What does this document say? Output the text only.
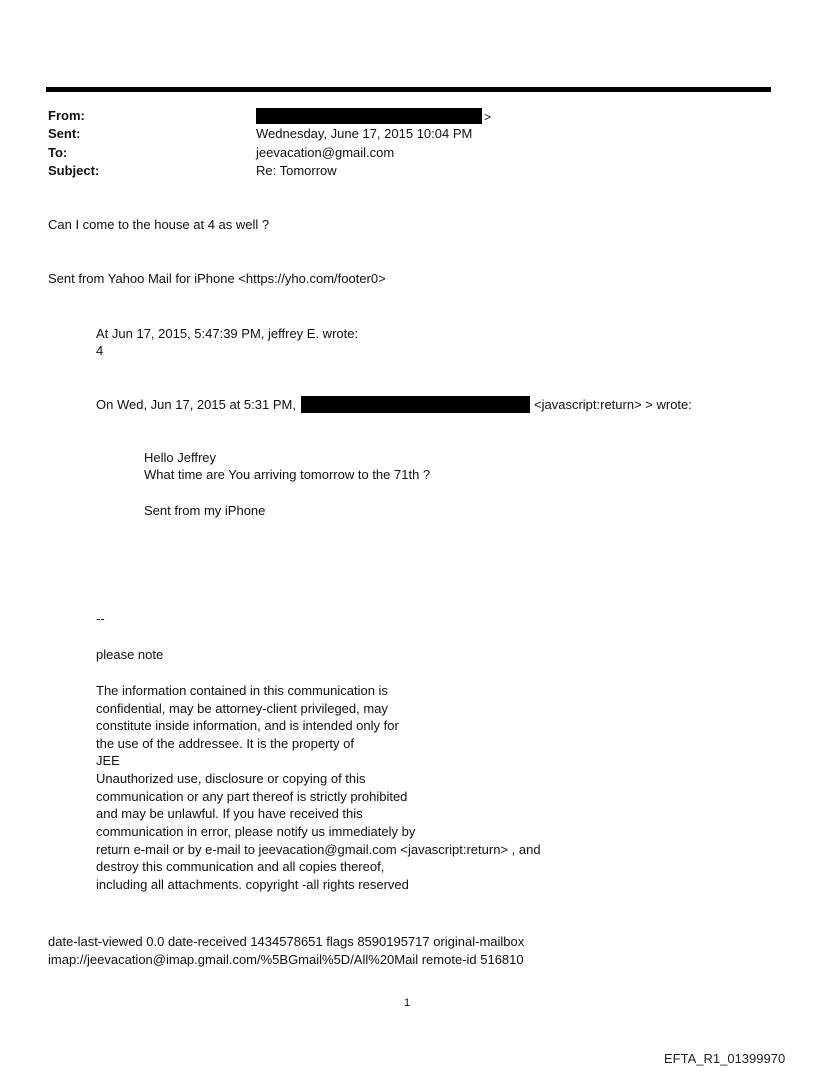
From:	>
Sent:	Wednesday, June 17, 2015 10:04 PM
To:	jeevacation@gmail.com
Subject:	Re: Tomorrow
Can I come to the house at 4 as well ?
Sent from Yahoo Mail for iPhone <https://yho.com/footer0>
At Jun 17, 2015, 5:47:39 PM, jeffrey E. wrote:
4
On Wed, Jun 17, 2015 at 5:31 PM,	<javascript:return> > wrote:
Hello Jeffrey
What time are You arriving tomorrow to the 71th ?
Sent from my iPhone
--
please note
The information contained in this communication is
confidential, may be attorney-client privileged, may
constitute inside information, and is intended only for
the use of the addressee. It is the property of
JEE
Unauthorized use, disclosure or copying of this
communication or any part thereof is strictly prohibited
and may be unlawful. If you have received this
communication in error, please notify us immediately by
return e-mail or by e-mail to jeevacation@gmail.com <javascript:return> , and
destroy this communication and all copies thereof,
including all attachments. copyright -all rights reserved
date-last-viewed 0.0 date-received 1434578651 flags 8590195717 original-mailbox
imap://jeevacation@imap.gmail.com/%5BGmail%5D/All%20Mail remote-id 516810
1
EFTA_R1_01399970
